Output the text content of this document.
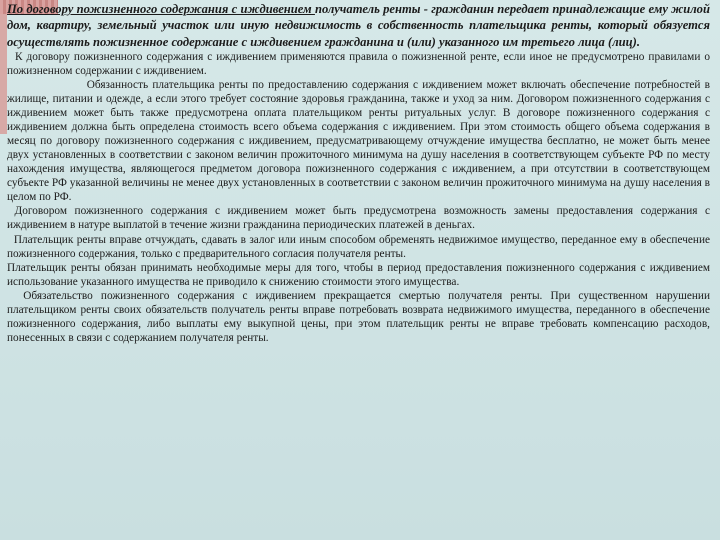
По договору пожизненного содержания с иждивением получатель ренты - гражданин передает принадлежащие ему жилой дом, квартиру, земельный участок или иную недвижимость в собственность плательщика ренты, который обязуется осуществлять пожизненное содержание с иждивением гражданина и (или) указанного им третьего лица (лиц).

К договору пожизненного содержания с иждивением применяются правила о пожизненной ренте, если иное не предусмотрено правилами о пожизненном содержании с иждивением.

Обязанность плательщика ренты по предоставлению содержания с иждивением может включать обеспечение потребностей в жилище, питании и одежде, а если этого требует состояние здоровья гражданина, также и уход за ним. Договором пожизненного содержания с иждивением может быть также предусмотрена оплата плательщиком ренты ритуальных услуг. В договоре пожизненного содержания с иждивением должна быть определена стоимость всего объема содержания с иждивением. При этом стоимость общего объема содержания в месяц по договору пожизненного содержания с иждивением, предусматривающему отчуждение имущества бесплатно, не может быть менее двух установленных в соответствии с законом величин прожиточного минимума на душу населения в соответствующем субъекте РФ по месту нахождения имущества, являющегося предметом договора пожизненного содержания с иждивением, а при отсутствии в соответствующем субъекте РФ указанной величины не менее двух установленных в соответствии с законом величин прожиточного минимума на душу населения в целом по РФ.

Договором пожизненного содержания с иждивением может быть предусмотрена возможность замены предоставления содержания с иждивением в натуре выплатой в течение жизни гражданина периодических платежей в деньгах.

Плательщик ренты вправе отчуждать, сдавать в залог или иным способом обременять недвижимое имущество, переданное ему в обеспечение пожизненного содержания, только с предварительного согласия получателя ренты.

Плательщик ренты обязан принимать необходимые меры для того, чтобы в период предоставления пожизненного содержания с иждивением использование указанного имущества не приводило к снижению стоимости этого имущества.

Обязательство пожизненного содержания с иждивением прекращается смертью получателя ренты. При существенном нарушении плательщиком ренты своих обязательств получатель ренты вправе потребовать возврата недвижимого имущества, переданного в обеспечение пожизненного содержания, либо выплаты ему выкупной цены, при этом плательщик ренты не вправе требовать компенсацию расходов, понесенных в связи с содержанием получателя ренты.
